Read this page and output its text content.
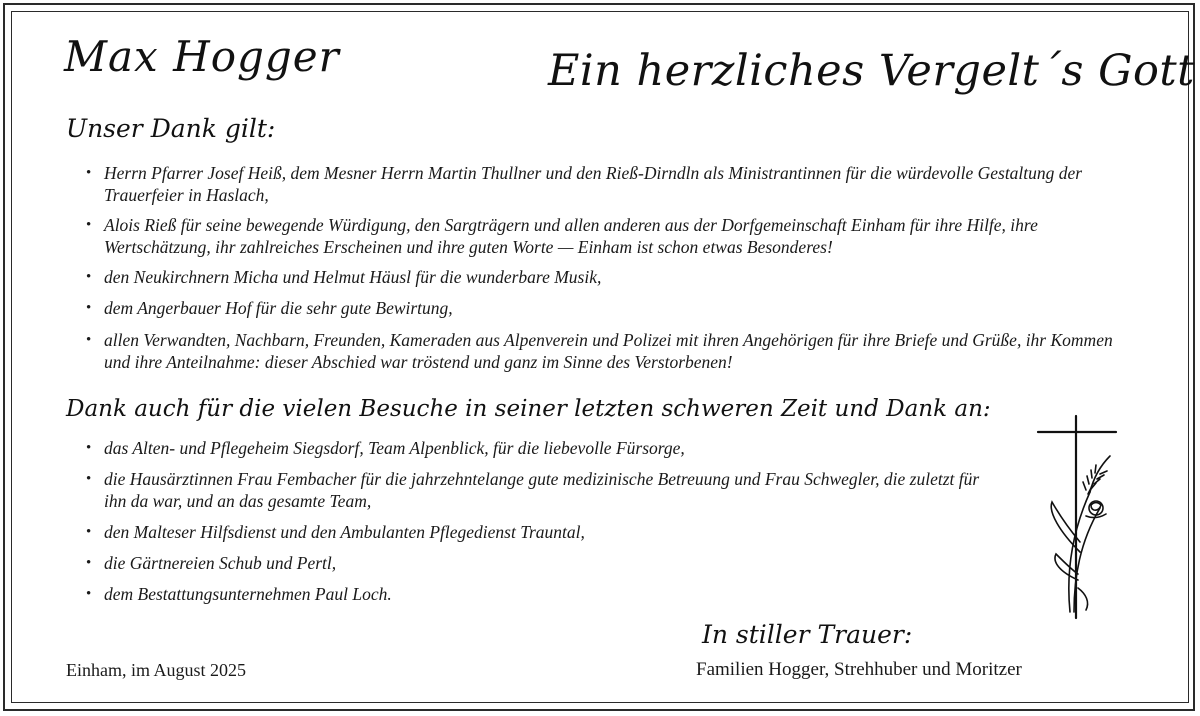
Max Hogger	Ein herzliches Vergelt´s Gott
Unser Dank gilt:
• Herrn Pfarrer Josef Heiß, dem Mesner Herrn Martin Thullner und den Rieß-Dirndln als Ministrantinnen für die würdevolle Gestaltung der Trauerfeier in Haslach,
• Alois Rieß für seine bewegende Würdigung, den Sargträgern und allen anderen aus der Dorfgemeinschaft Einham für ihre Hilfe, ihre Wertschätzung, ihr zahlreiches Erscheinen und ihre guten Worte — Einham ist schon etwas Besonderes!
• den Neukirchnern Micha und Helmut Häusl für die wunderbare Musik,
• dem Angerbauer Hof für die sehr gute Bewirtung,
• allen Verwandten, Nachbarn, Freunden, Kameraden aus Alpenverein und Polizei mit ihren Angehörigen für ihre Briefe und Grüße, ihr Kommen und ihre Anteilnahme: dieser Abschied war tröstend und ganz im Sinne des Verstorbenen!
Dank auch für die vielen Besuche in seiner letzten schweren Zeit und Dank an:
• das Alten- und Pflegeheim Siegsdorf, Team Alpenblick, für die liebevolle Fürsorge,
• die Hausärztinnen Frau Fembacher für die jahrzehntelange gute medizinische Betreuung und Frau Schwegler, die zuletzt für ihn da war, und an das gesamte Team,
• den Malteser Hilfsdienst und den Ambulanten Pflegedienst Trauntal,
• die Gärtnereien Schub und Pertl,
• dem Bestattungsunternehmen Paul Loch.

In stiller Trauer:

Einham, im August 2025	Familien Hogger, Strehhuber und Moritzer
